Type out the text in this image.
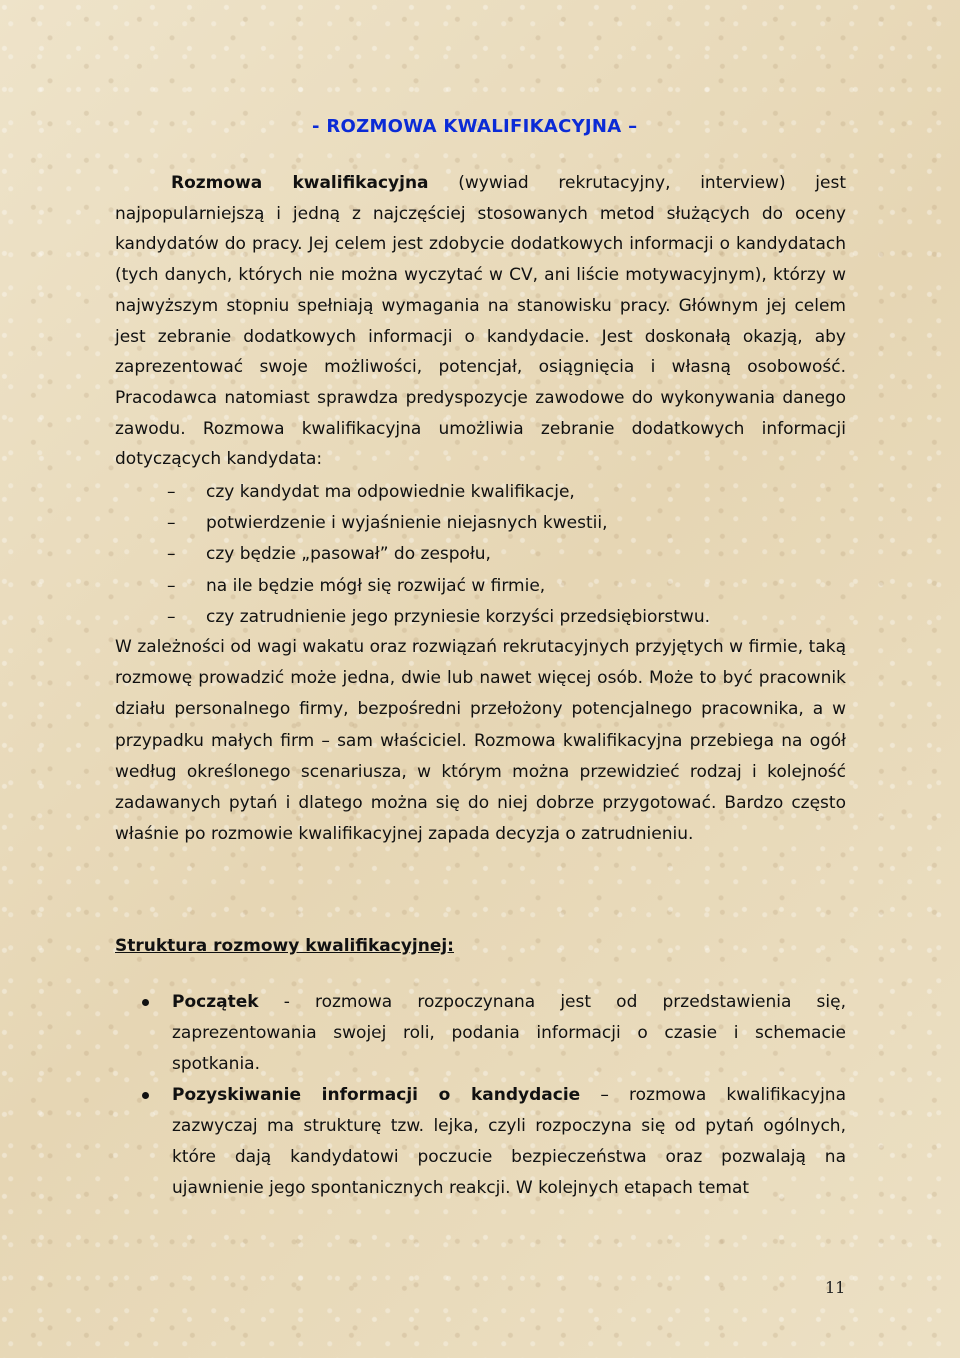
- ROZMOWA KWALIFIKACYJNA –

Rozmowa kwalifikacyjna (wywiad rekrutacyjny, interview) jest najpopularniejszą i jedną z najczęściej stosowanych metod służących do oceny kandydatów do pracy. Jej celem jest zdobycie dodatkowych informacji o kandydatach (tych danych, których nie można wyczytać w CV, ani liście motywacyjnym), którzy w najwyższym stopniu spełniają wymagania na stanowisku pracy. Głównym jej celem jest zebranie dodatkowych informacji o kandydacie. Jest doskonałą okazją, aby zaprezentować swoje możliwości, potencjał, osiągnięcia i własną osobowość. Pracodawca natomiast sprawdza predyspozycje zawodowe do wykonywania danego zawodu. Rozmowa kwalifikacyjna umożliwia zebranie dodatkowych informacji dotyczących kandydata:

–	czy kandydat ma odpowiednie kwalifikacje,
–	potwierdzenie i wyjaśnienie niejasnych kwestii,
–	czy będzie „pasował” do zespołu,
–	na ile będzie mógł się rozwijać w firmie,
–	czy zatrudnienie jego przyniesie korzyści przedsiębiorstwu.

W zależności od wagi wakatu oraz rozwiązań rekrutacyjnych przyjętych w firmie, taką rozmowę prowadzić może jedna, dwie lub nawet więcej osób. Może to być pracownik działu personalnego firmy, bezpośredni przełożony potencjalnego pracownika, a w przypadku małych firm – sam właściciel. Rozmowa kwalifikacyjna przebiega na ogół według określonego scenariusza, w którym można przewidzieć rodzaj i kolejność zadawanych pytań i dlatego można się do niej dobrze przygotować. Bardzo często właśnie po rozmowie kwalifikacyjnej zapada decyzja o zatrudnieniu.

Struktura rozmowy kwalifikacyjnej:
Początek - rozmowa rozpoczynana jest od przedstawienia się, zaprezentowania swojej roli, podania informacji o czasie i schemacie spotkania.
Pozyskiwanie informacji o kandydacie – rozmowa kwalifikacyjna zazwyczaj ma strukturę tzw. lejka, czyli rozpoczyna się od pytań ogólnych, które dają kandydatowi poczucie bezpieczeństwa oraz pozwalają na ujawnienie jego spontanicznych reakcji. W kolejnych etapach temat
11
